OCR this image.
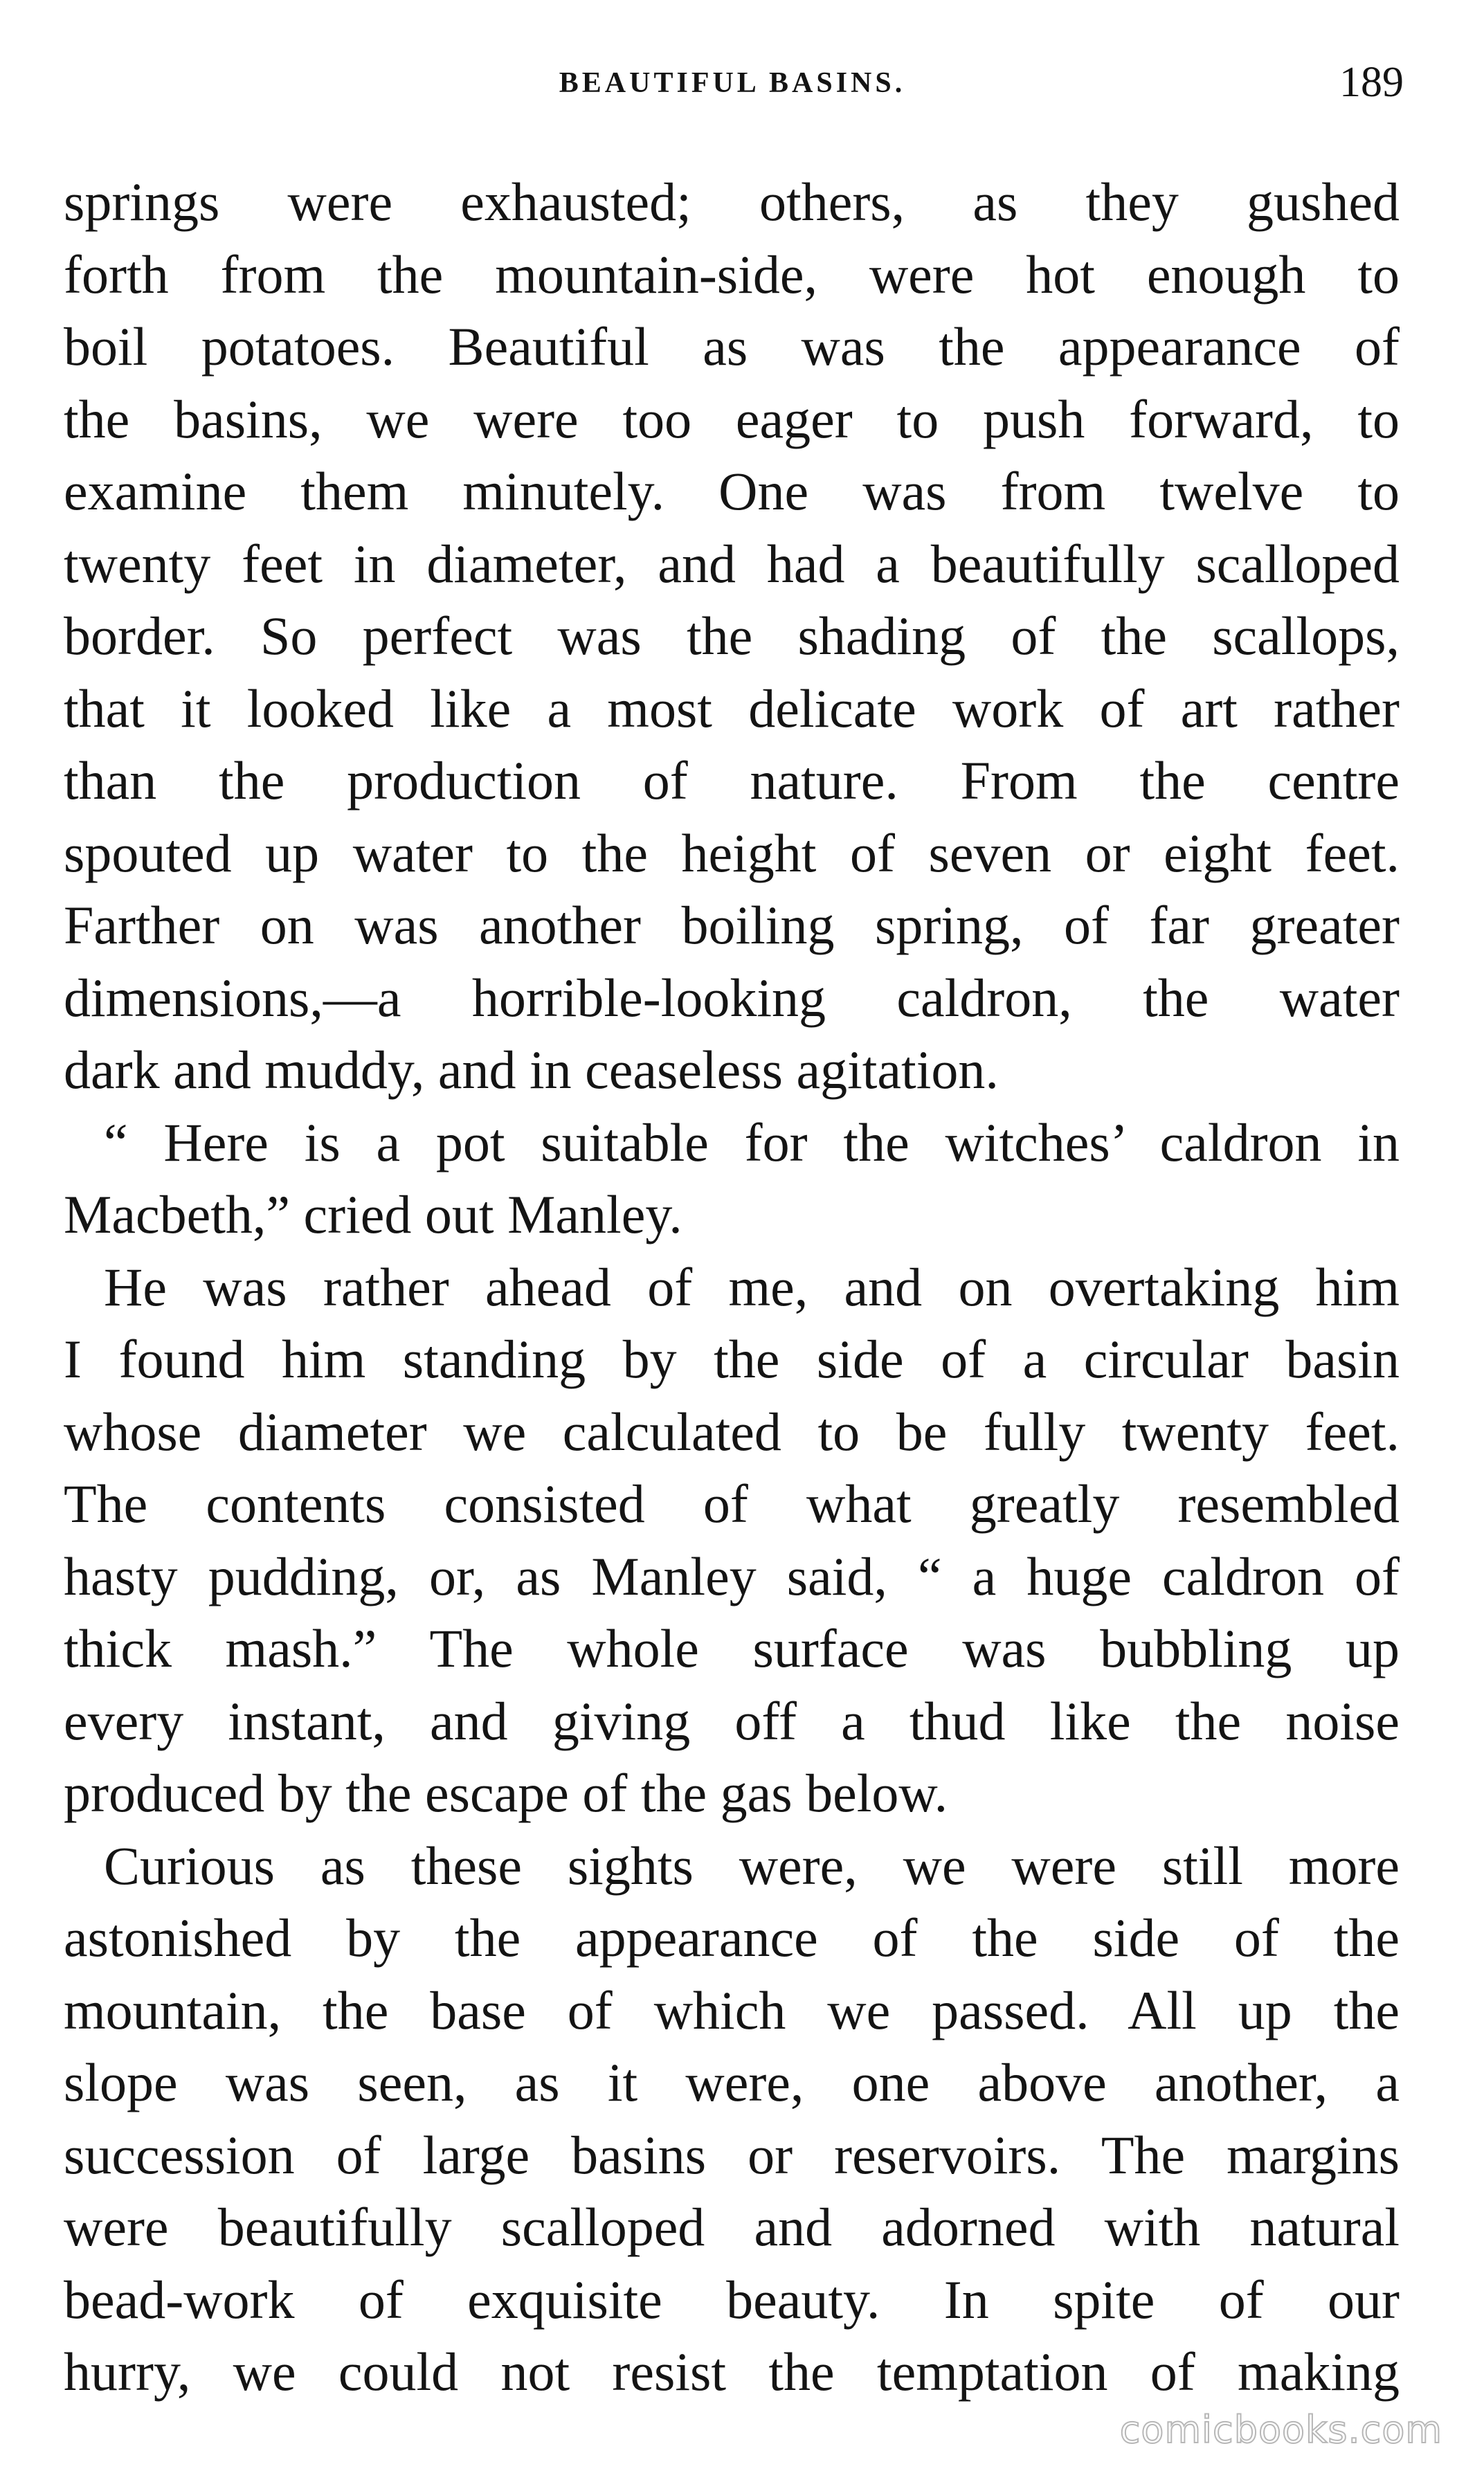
BEAUTIFUL BASINS.	189
springs were exhausted; others, as they gushed
forth from the mountain-side, were hot enough to
boil potatoes. Beautiful as was the appearance of
the basins, we were too eager to push forward, to
examine them minutely. One was from twelve to
twenty feet in diameter, and had a beautifully scalloped
border. So perfect was the shading of the scallops,
that it looked like a most delicate work of art rather
than the production of nature. From the centre
spouted up water to the height of seven or eight feet.
Farther on was another boiling spring, of far greater
dimensions,—a horrible-looking caldron, the water
dark and muddy, and in ceaseless agitation.
“ Here is a pot suitable for the witches’ caldron in
Macbeth,” cried out Manley.
He was rather ahead of me, and on overtaking him
I found him standing by the side of a circular basin
whose diameter we calculated to be fully twenty feet.
The contents consisted of what greatly resembled
hasty pudding, or, as Manley said, “ a huge caldron of
thick mash.” The whole surface was bubbling up
every instant, and giving off a thud like the noise
produced by the escape of the gas below.
Curious as these sights were, we were still more
astonished by the appearance of the side of the
mountain, the base of which we passed. All up the
slope was seen, as it were, one above another, a
succession of large basins or reservoirs. The margins
were beautifully scalloped and adorned with natural
bead-work of exquisite beauty. In spite of our
hurry, we could not resist the temptation of making
comicbooks.com
